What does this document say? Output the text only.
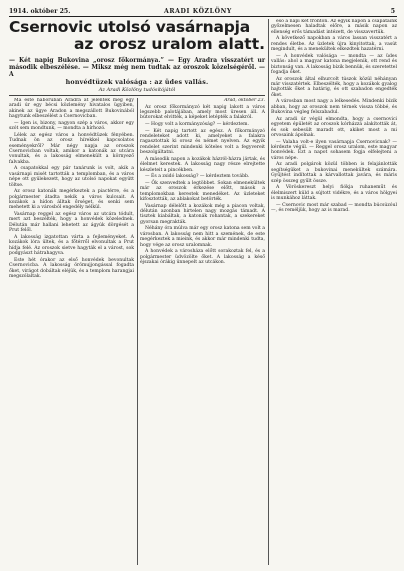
1914. október 25.	ARADI KÖZLÖNY	5
Csernovic utolsó vasárnapja
az orosz uralom alatt.
— Két napig Bukovina „orosz főkormánya.” — Egy Aradra visszatért ur második elbeszélése. — Miksz még nem tudtak az oroszok közelségéről. — A
honvédtüzek valósága : az üdes vallás.
Az Aradi Közlöny tudósítójától

Ma este háborúban Aradra át jelentek meg egy aradi úr egy bécsi közlemény hivatalos ügyiben, akinek az ügye Aradon a megszállott Bukovinából hagytunk elbeszélést a Csernovicban.

— Igen is, bizony, nagyon szép a város, akkor egy szót sem mondtunk, — mondta a hírhozó.

Lélek az egész város a honvédtüzek fényében. Tudnak ön az orosz hírekkel kapcsolatos eseményekről? Már négy napja az oroszok Csernovicban voltak, amikor a katonák az utcára vonultak, és a lakosság elmenekült a környező falvakba.

A csapatokkal egy pár tanárunk is volt, akik a vasárnapi misét tartották a templomban, és a város népe ott gyülekezett, hogy az utolsó napokat együtt töltse.

Az orosz katonák megérkeztek a piactérre, és a polgármester átadta nekik a város kulcsait. A kozákok a hídon álltak őrséget, és senki sem mehetett ki a városból engedély nélkül.

Vasárnap reggel az egész város az utcára tódult, mert azt beszélték, hogy a honvédek közelednek. Délután már hallani lehetett az ágyúk dörgését a Prut felől.

A lakosság izgatottan várta a fejleményeket. A kozákok lóra ültek, és a főtérről elvonultak a Prut hídja felé. Az oroszok sietve hagyták el a várost, sok podgyászt hátrahagyva.

Este hét órakor az első honvédek bevonultak Csernovicba. A lakosság örömujjongással fogadta őket, virágot dobáltak eléjük, és a templom harangjai megszólaltak.

Arad, október 23.

Az orosz főkormányzó két napig lakott a város legszebb palotájában, amely most üresen áll. A bútorokat elvitték, a képeket letépték a falakról.

— Hogy volt a kormányzóság? — kérdeztem.

— Két napig tartott az egész. A főkormányzó rendeleteket adott ki, amelyeket a falakra ragasztottak ki orosz és német nyelven. Az egyik rendelet szerint mindenki köteles volt a fegyvereit beszolgáltatni.

A második napon a kozákok házról-házra jártak, és élelmet kerestek. A lakosság nagy része elrejtette készleteit a pincékben.

— És a zsidó lakosság? — kérdeztem tovább.

— Ők szenvedtek a legtöbbet. Sokan elmenekültek már az oroszok érkezése előtt, mások a templomokban kerestek menedéket. Az üzleteket kifosztották, az ablakokat betörték.

Vasárnap délelőtt a kozákok még a piacon voltak, délután azonban hirtelen nagy mozgás támadt. A tisztek kiabáltak, a katonák rohantak, a szekereket gyorsan megrakták.

Néhány óra múlva már egy orosz katona sem volt a városban. A lakosság nem hitt a szemének, de este megérkeztek a mieink, és akkor már mindenki tudta, hogy vége az orosz uralomnak.

A honvédek a városháza előtt sorakoztak fel, és a polgármester üdvözölte őket. A lakosság a késő éjszakai órákig ünnepelt az utcákon.

eső a napi két fronton. Az egyik napon a csapataink győzelmesen haladtak előre, a másik napon az ellenség erős támadást intézett, de visszavertük.

A következő napokban a város lassan visszatért a rendes életbe. Az üzletek újra kinyitottak, a vasút megindult, és a menekültek elkezdtek hazatérni.

— A honvédek valósága — mondta — az üdes vallás: ahol a magyar katona megjelenik, ott rend és biztonság van. A lakosság bízik bennük, és szeretettel fogadja őket.

Az oroszok által elhurcolt túszok közül néhányan már visszatértek. Elbeszélték, hogy a kozákok gyalog hajtották őket a határig, és ott szabadon engedték őket.

A városban most nagy a lelkesedés. Mindenki bízik abban, hogy az oroszok nem térnek vissza többé, és Bukovina végleg felszabadul.

Az aradi úr végül elmondta, hogy a csernovici egyetem épületét az oroszok kórházzá alakították át, és sok sebesült maradt ott, akiket most a mi orvosaink ápolnak.

— Valaha volt-e ilyen vasárnapja Csernovicnak? — kérdezte végül. — Reggel orosz uralom, este magyar honvédek. Ezt a napot sohasem fogja elfelejteni a város népe.

Az aradi polgárok közül többen is felajánlották segítségüket a bukovinai menekültek számára. Gyűjtést indítottak a kárvallottak javára, és máris szép összeg gyűlt össze.

A Vöröskereszt helyi fiókja ruhaneműt és élelmiszert küld a sújtott vidékre, és a város hölgyei is munkához láttak.

— Csernovic most már szabad — mondta búcsúzóul —, és reméljük, hogy az is marad.
